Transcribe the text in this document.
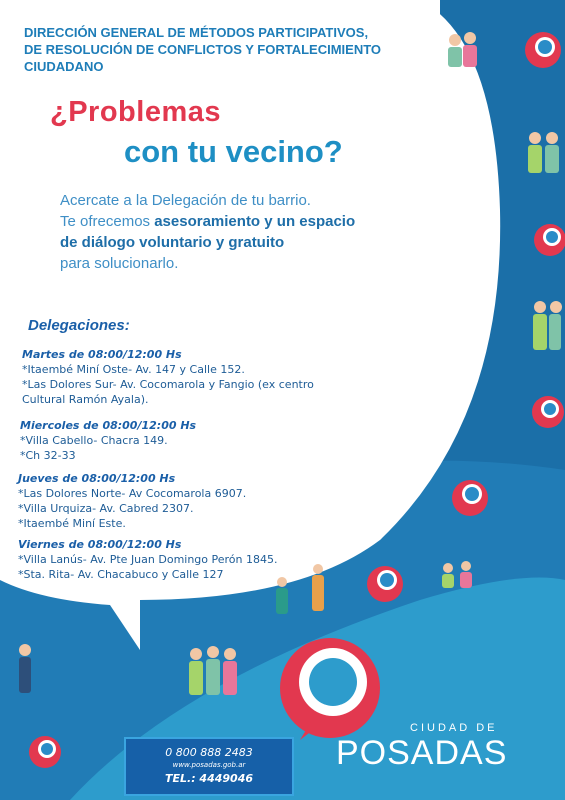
DIRECCIÓN GENERAL DE MÉTODOS PARTICIPATIVOS,
DE RESOLUCIÓN DE CONFLICTOS Y FORTALECIMIENTO
CIUDADANO
¿Problemas
con tu vecino?
Acercate a la Delegación de tu barrio.
Te ofrecemos asesoramiento y un espacio
de diálogo voluntario y gratuito
para solucionarlo.
Delegaciones:
Martes de 08:00/12:00 Hs
*Itaembé Miní Oste- Av. 147 y Calle 152.
*Las Dolores Sur- Av. Cocomarola y Fangio (ex centro
Cultural Ramón Ayala).
Miercoles de 08:00/12:00 Hs
*Villa Cabello- Chacra 149.
*Ch 32-33
Jueves de 08:00/12:00 Hs
*Las Dolores Norte- Av Cocomarola 6907.
*Villa Urquiza- Av. Cabred 2307.
*Itaembé Miní Este.
Viernes de 08:00/12:00 Hs
*Villa Lanús- Av. Pte Juan Domingo Perón 1845.
*Sta. Rita- Av. Chacabuco y Calle 127
CIUDAD DE
POSADAS
0 800 888 2483
www.posadas.gob.ar
TEL.: 4449046
